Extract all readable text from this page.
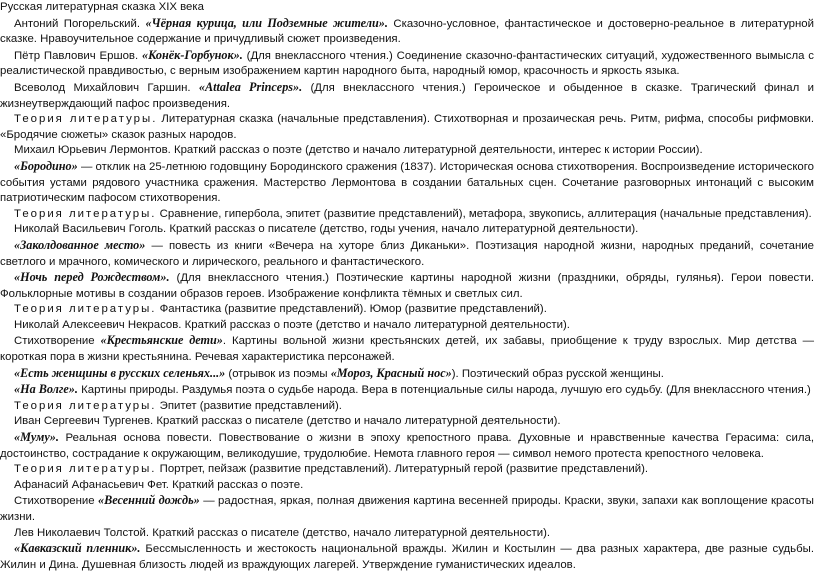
Русская литературная сказка XIX века

Антоний Погорельский. «Чёрная курица, или Подземные жители». Сказочно-условное, фантастическое и достоверно-реальное в литературной сказке. Нравоучительное содержание и причудливый сюжет произведения.

Пётр Павлович Ершов. «Конёк-Горбунок». (Для внеклассного чтения.) Соединение сказочно-фантастических ситуаций, художественного вымысла с реалистической правдивостью, с верным изображением картин народного быта, народный юмор, красочность и яркость языка.

Всеволод Михайлович Гаршин. «Attalea Princeps». (Для внеклассного чтения.) Героическое и обыденное в сказке. Трагический финал и жизнеутверждающий пафос произведения.

Теория литературы. Литературная сказка (начальные представления). Стихотворная и прозаическая речь. Ритм, рифма, способы рифмовки. «Бродячие сюжеты» сказок разных народов.

Михаил Юрьевич Лермонтов. Краткий рассказ о поэте (детство и начало литературной деятельности, интерес к истории России).

«Бородино» — отклик на 25-летнюю годовщину Бородинского сражения (1837). Историческая основа стихотворения. Воспроизведение исторического события устами рядового участника сражения. Мастерство Лермонтова в создании батальных сцен. Сочетание разговорных интонаций с высоким патриотическим пафосом стихотворения.

Теория литературы. Сравнение, гипербола, эпитет (развитие представлений), метафора, звукопись, аллитерация (начальные представления).

Николай Васильевич Гоголь. Краткий рассказ о писателе (детство, годы учения, начало литературной деятельности).

«Заколдованное место» — повесть из книги «Вечера на хуторе близ Диканьки». Поэтизация народной жизни, народных преданий, сочетание светлого и мрачного, комического и лирического, реального и фантастического.

«Ночь перед Рождеством». (Для внеклассного чтения.) Поэтические картины народной жизни (праздники, обряды, гулянья). Герои повести. Фольклорные мотивы в создании образов героев. Изображение конфликта тёмных и светлых сил.

Теория литературы. Фантастика (развитие представлений). Юмор (развитие представлений).

Николай Алексеевич Некрасов. Краткий рассказ о поэте (детство и начало литературной деятельности).

Стихотворение «Крестьянские дети». Картины вольной жизни крестьянских детей, их забавы, приобщение к труду взрослых. Мир детства — короткая пора в жизни крестьянина. Речевая характеристика персонажей.

«Есть женщины в русских селеньях...» (отрывок из поэмы «Мороз, Красный нос»). Поэтический образ русской женщины.

«На Волге». Картины природы. Раздумья поэта о судьбе народа. Вера в потенциальные силы народа, лучшую его судьбу. (Для внеклассного чтения.)

Теория литературы. Эпитет (развитие представлений).

Иван Сергеевич Тургенев. Краткий рассказ о писателе (детство и начало литературной деятельности).

«Муму». Реальная основа повести. Повествование о жизни в эпоху крепостного права. Духовные и нравственные качества Герасима: сила, достоинство, сострадание к окружающим, великодушие, трудолюбие. Немота главного героя — символ немого протеста крепостного человека.

Теория литературы. Портрет, пейзаж (развитие представлений). Литературный герой (развитие представлений).

Афанасий Афанасьевич Фет. Краткий рассказ о поэте.

Стихотворение «Весенний дождь» — радостная, яркая, полная движения картина весенней природы. Краски, звуки, запахи как воплощение красоты жизни.

Лев Николаевич Толстой. Краткий рассказ о писателе (детство, начало литературной деятельности).

«Кавказский пленник». Бессмысленность и жестокость национальной вражды. Жилин и Костылин — два разных характера, две разные судьбы. Жилин и Дина. Душевная близость людей из враждующих лагерей. Утверждение гуманистических идеалов.
